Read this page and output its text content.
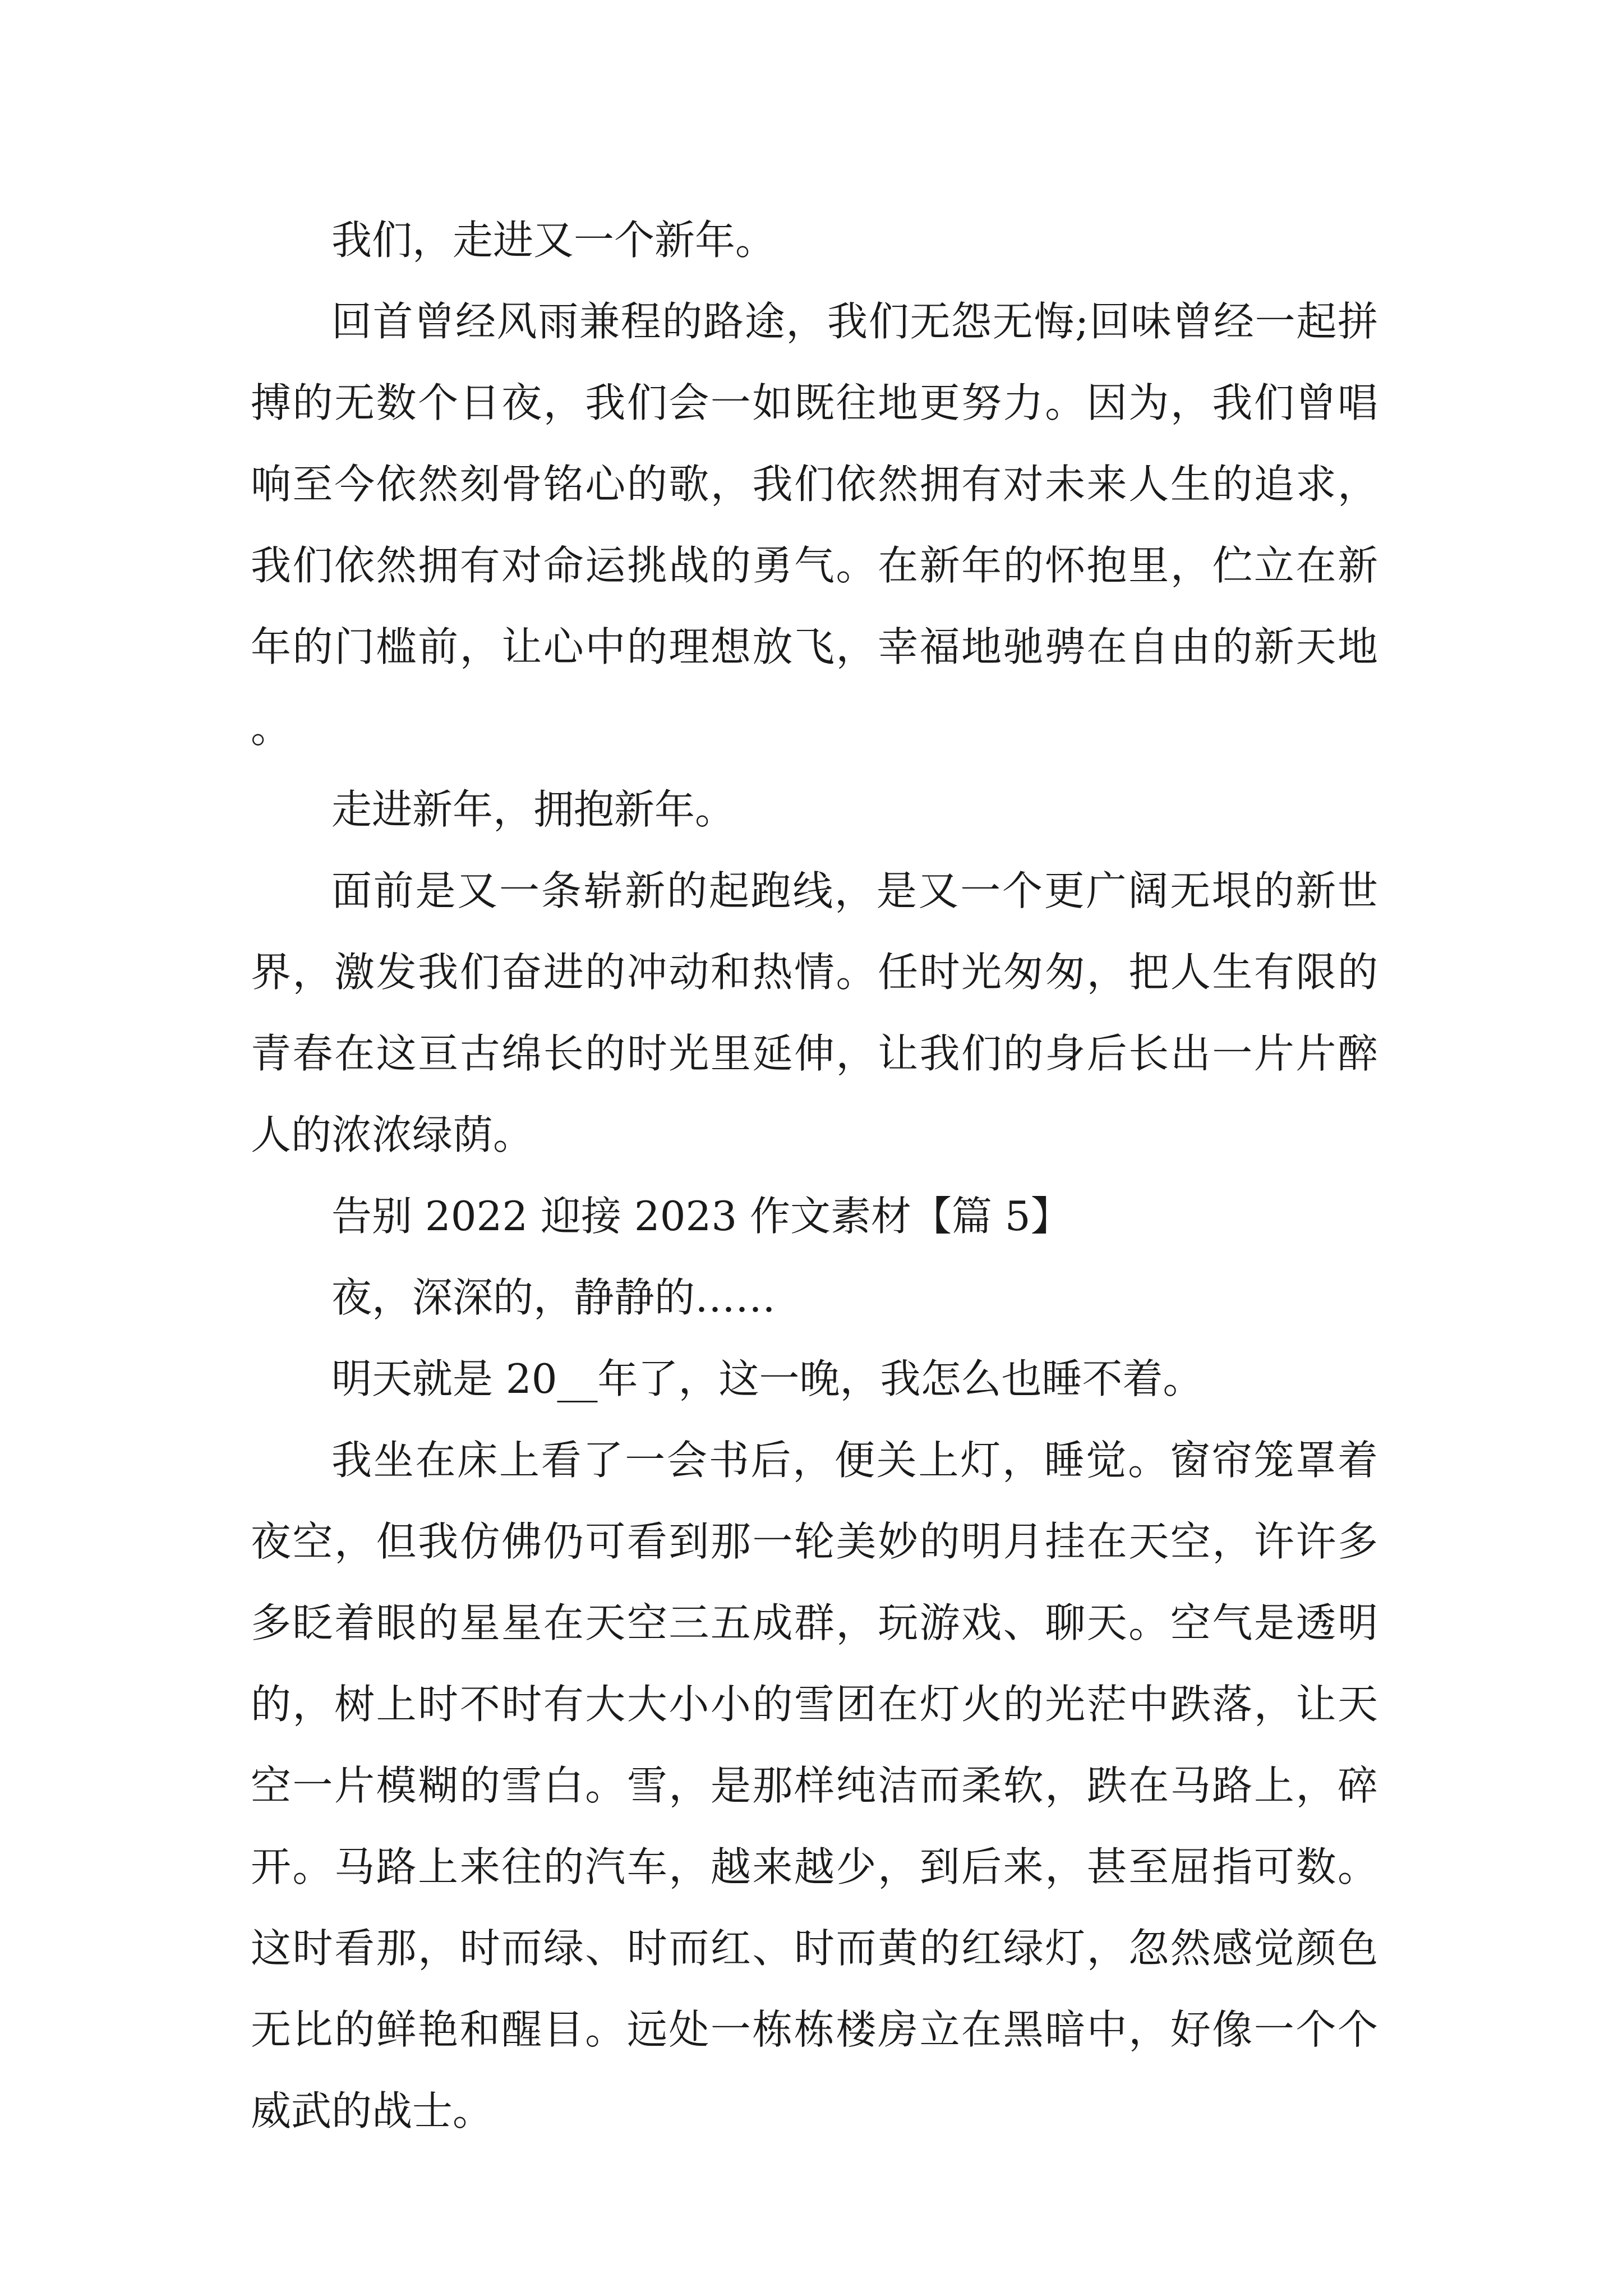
我们，走进又一个新年。

回首曾经风雨兼程的路途，我们无怨无悔;回味曾经一起拼搏的无数个日夜，我们会一如既往地更努力。因为，我们曾唱响至今依然刻骨铭心的歌，我们依然拥有对未来人生的追求，我们依然拥有对命运挑战的勇气。在新年的怀抱里，伫立在新年的门槛前，让心中的理想放飞，幸福地驰骋在自由的新天地。

走进新年，拥抱新年。

面前是又一条崭新的起跑线，是又一个更广阔无垠的新世界，激发我们奋进的冲动和热情。任时光匆匆，把人生有限的青春在这亘古绵长的时光里延伸，让我们的身后长出一片片醉人的浓浓绿荫。

告别 2022 迎接 2023 作文素材【篇 5】

夜，深深的，静静的……

明天就是 20__年了，这一晚，我怎么也睡不着。

我坐在床上看了一会书后，便关上灯，睡觉。窗帘笼罩着夜空，但我仿佛仍可看到那一轮美妙的明月挂在天空，许许多多眨着眼的星星在天空三五成群，玩游戏、聊天。空气是透明的，树上时不时有大大小小的雪团在灯火的光茫中跌落，让天空一片模糊的雪白。雪，是那样纯洁而柔软，跌在马路上，碎开。马路上来往的汽车，越来越少，到后来，甚至屈指可数。这时看那，时而绿、时而红、时而黄的红绿灯，忽然感觉颜色无比的鲜艳和醒目。远处一栋栋楼房立在黑暗中，好像一个个威武的战士。
